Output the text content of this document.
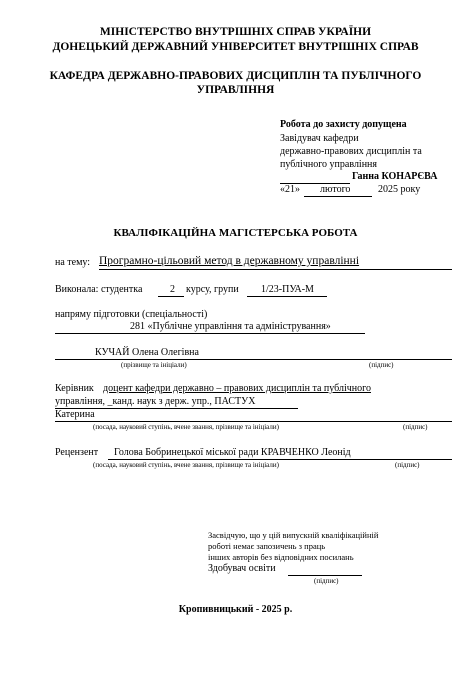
МІНІСТЕРСТВО ВНУТРІШНІХ СПРАВ УКРАЇНИ
ДОНЕЦЬКИЙ ДЕРЖАВНИЙ УНІВЕРСИТЕТ ВНУТРІШНІХ СПРАВ
КАФЕДРА ДЕРЖАВНО-ПРАВОВИХ ДИСЦИПЛІН ТА ПУБЛІЧНОГО
УПРАВЛІННЯ
Робота до захисту допущена
Завідувач кафедри
державно-правових дисциплін та
публічного управління
Ганна КОНАРЄВА
«21» лютого	2025 року
КВАЛІФІКАЦІЙНА МАГІСТЕРСЬКА РОБОТА
на тему: Програмно-цільовий метод в державному управлінні
Виконала: студентка	2 курсу, групи 1/23-ПУА-М
напряму підготовки (спеціальності)
281 «Публічне управління та адміністрування»
КУЧАЙ Олена Олегівна
(прізвище та ініціали)	(підпис)
Керівник доцент кафедри державно – правових дисциплін та публічного
управління, _канд. наук з держ. упр., ПАСТУХ
Катерина
(посада, науковий ступінь, вчене звання, прізвище та ініціали)	(підпис)
Рецензент Голова Бобринецької міської ради КРАВЧЕНКО Леонід
(посада, науковий ступінь, вчене звання, прізвище та ініціали)	(підпис)
Засвідчую, що у цій випускній кваліфікаційній
роботі немає запозичень з праць
інших авторів без відповідних посилань
Здобувач освіти
(підпис)
Кропивницький - 2025 р.
